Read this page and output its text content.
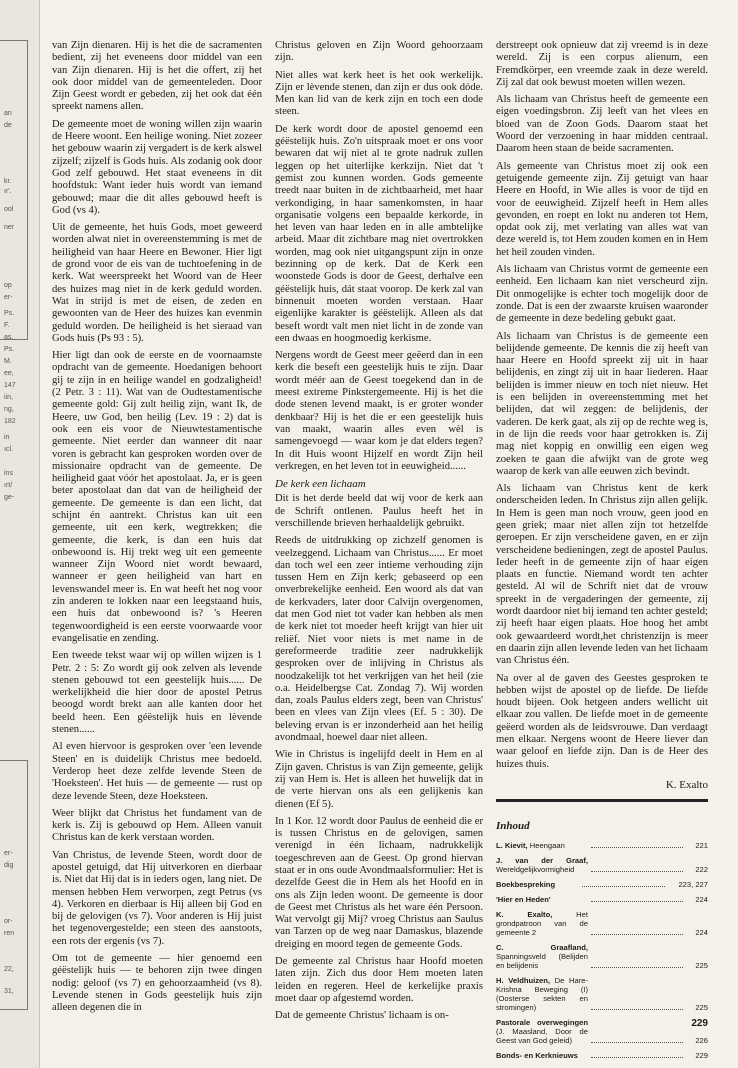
an
de
kr.
ır'.
ool
ner
op
er-
Ps.
F.
as,
Ps.
M.
ee,
147
iin,
ng,
182
in
ıcl.
ins
ırt/
ge-
er-
dig
or-
ren
22,
31,

van Zijn dienaren. Hij is het die de sacramenten bedient, zij het eveneens door middel van een van Zijn dienaren. Hij is het die offert, zij het ook door middel van de gemeenteleden. Door Zijn Geest wordt er gebeden, zij het ook dat één spreekt namens allen.

De gemeente moet de woning willen zijn waarin de Heere woont. Een heilige woning. Niet zozeer het gebouw waarin zij vergadert is de kerk alswel zijzelf; zijzelf is Gods huis. Als zodanig ook door God zelf gebouwd. Het staat eveneens in dit hoofdstuk: Want ieder huis wordt van iemand gebouwd; maar die dit alles gebouwd heeft is God (vs 4).

Uit de gemeente, het huis Gods, moet geweerd worden alwat niet in overeenstemming is met de heiligheid van haar Heere en Bewoner. Hier ligt de grond voor de eis van de tuchtoefening in de kerk. Wat weerspreekt het Woord van de Heer des huizes mag niet in de kerk geduld worden. Wat in strijd is met de eisen, de zeden en gewoonten van de Heer des huizes kan evenmin geduld worden. De heiligheid is het sieraad van Gods huis (Ps 93 : 5).

Hier ligt dan ook de eerste en de voornaamste opdracht van de gemeente. Hoedanigen behoort gij te zijn in en heilige wandel en godzaligheid! (2 Petr. 3 : 11). Wat van de Oudtestamentische gemeente gold: Gij zult heilig zijn, want Ik, de Heere, uw God, ben heilig (Lev. 19 : 2) dat is ook een eis voor de Nieuwtestamentische gemeente. Niet eerder dan wanneer dit naar voren is gebracht kan gesproken worden over de missionaire opdracht van de gemeente. De heiligheid gaat vóór het apostolaat. Ja, er is geen beter apostolaat dan dat van de heiligheid der gemeente. De gemeente is dan een licht, dat schijnt én aantrekt. Christus kan uit een gemeente, uit een kerk, wegtrekken; die gemeente, die kerk, is dan een huis dat onbewoond is. Hij trekt weg uit een gemeente wanneer Zijn Woord niet wordt bewaard, wanneer er geen heiligheid van hart en levenswandel meer is. En wat heeft het nog voor zin anderen te lokken naar een leegstaand huis, een huis dat onbewoond is? 's Heeren tegenwoordigheid is een eerste voorwaarde voor evangelisatie en zending.

Een tweede tekst waar wij op willen wijzen is 1 Petr. 2 : 5: Zo wordt gij ook zelven als levende stenen gebouwd tot een geestelijk huis...... De werkelijkheid die hier door de apostel Petrus beoogd wordt brekt aan alle kanten door het beeld heen. Een géëstelijk huis en lèvende stenen......

Al even hiervoor is gesproken over 'een levende Steen' en is duidelijk Christus mee bedoeld. Verderop heet deze zelfde levende Steen de 'Hoeksteen'. Het huis — de gemeente — rust op deze levende Steen, deze Hoeksteen.

Weer blijkt dat Christus het fundament van de kerk is. Zij is gebouwd op Hem. Alleen vanuit Christus kan de kerk verstaan worden.

Van Christus, de levende Steen, wordt door de apostel getuigd, dat Hij uitverkoren en dierbaar is. Niet dat Hij dat is in ieders ogen, lang niet. De mensen hebben Hem verworpen, zegt Petrus (vs 4). Verkoren en dierbaar is Hij alleen bij God en bij de gelovigen (vs 7). Voor anderen is Hij juist het tegenovergestelde; een steen des aanstoots, een rots der ergenis (vs 7).

Om tot de gemeente — hier genoemd een géëstelijk huis — te behoren zijn twee dingen nodig: geloof (vs 7) en gehoorzaamheid (vs 8). Levende stenen in Gods geestelijk huis zijn alleen degenen die in

Christus geloven en Zijn Woord gehoorzaam zijn.

Niet alles wat kerk heet is het ook werkelijk. Zijn er lèvende stenen, dan zijn er dus ook dóde. Men kan lid van de kerk zijn en toch een dode steen.

De kerk wordt door de apostel genoemd een géëstelijk huis. Zo'n uitspraak moet er ons voor bewaren dat wij niet al te grote nadruk zullen leggen op het uiterlijke kerkzijn. Niet dat 't gemist zou kunnen worden. Gods gemeente treedt naar buiten in de zichtbaarheid, met haar verkondiging, in haar samenkomsten, in haar organisatie volgens een bepaalde kerkorde, in het leven van haar leden en in alle ambtelijke arbeid. Maar dit zichtbare mag niet overtrokken worden, mag ook niet uitgangspunt zijn in onze bezinning op de kerk. Dat de Kerk een woonstede Gods is door de Geest, derhalve een géëstelijk huis, dát staat voorop. De kerk zal van binnenuit moeten worden verstaan. Haar eigenlijke karakter is géëstelijk. Alleen als dat beseft wordt valt men niet licht in de zonde van een dwaas en hoogmoedig kerkisme.

Nergens wordt de Geest meer geëerd dan in een kerk die beseft een geestelijk huis te zijn. Daar wordt méér aan de Geest toegekend dan in de meest extreme Pinkstergemeente. Hij is het die dode stenen levend maakt, is er groter wonder denkbaar? Hij is het die er een geestelijk huis van maakt, waarin alles even wèl is samengevoegd — waar kom je dat elders tegen? In dit Huis woont Hijzelf en wordt Zijn heil verkregen, en het leven tot in eeuwigheid......

De kerk een lichaam

Dit is het derde beeld dat wij voor de kerk aan de Schrift ontlenen. Paulus heeft het in verschillende brieven herhaaldelijk gebruikt.

Reeds de uitdrukking op zichzelf genomen is veelzeggend. Lichaam van Christus...... Er moet dan toch wel een zeer intieme verhouding zijn tussen Hem en Zijn kerk; gebaseerd op een onverbrekelijke eenheid. Een woord als dat van de kerkvaders, later door Calvijn overgenomen, dat men God niet tot vader kan hebben als men de kerk niet tot moeder heeft krijgt van hier uit reliëf. Niet voor niets is met name in de gereformeerde traditie zeer nadrukkelijk gesproken over de inlijving in Christus als noodzakelijk tot het verkrijgen van het heil (zie o.a. Heidelbergse Cat. Zondag 7). Wij worden dan, zoals Paulus elders zegt, been van Christus' been en vlees van Zijn vlees (Ef. 5 : 30). De beleving ervan is er inzonderheid aan het heilig avondmaal, hoewel daar niet alleen.

Wie in Christus is ingelijfd deelt in Hem en al Zijn gaven. Christus is van Zijn gemeente, gelijk zij van Hem is. Het is alleen het huwelijk dat in de verte hiervan ons als een gelijkenis kan dienen (Ef 5).

In 1 Kor. 12 wordt door Paulus de eenheid die er is tussen Christus en de gelovigen, samen verenigd in één lichaam, nadrukkelijk toegeschreven aan de Geest. Op grond hiervan staat er in ons oude Avondmaalsformulier: Het is dezelfde Geest die in Hem als het Hoofd en in ons als Zijn leden woont. De gemeente is door de Geest met Christus als het ware één Persoon. Wat vervolgt gij Mij? vroeg Christus aan Saulus van Tarzen op de weg naar Damaskus, blazende dreiging en moord tegen de gemeente Gods.

De gemeente zal Christus haar Hoofd moeten laten zijn. Zich dus door Hem moeten laten leiden en regeren. Heel de kerkelijke praxis moet daar op afgestemd worden.

Dat de gemeente Christus' lichaam is on-

derstreept ook opnieuw dat zij vreemd is in deze wereld. Zij is een corpus alienum, een Fremdkörper, een vreemde zaak in deze wereld. Zij zal dat ook bewust moeten willen wezen.

Als lichaam van Christus heeft de gemeente een eigen voedingsbron. Zij leeft van het vlees en bloed van de Zoon Gods. Daarom staat het Woord der verzoening in haar midden centraal. Daarom heen staan de beide sacramenten.

Als gemeente van Christus moet zij ook een getuigende gemeente zijn. Zij getuigt van haar Heere en Hoofd, in Wie alles is voor de tijd en voor de eeuwigheid. Zijzelf heeft in Hem alles gevonden, en roept en lokt nu anderen tot Hem, opdat ook zij, met verlating van alles wat van deze wereld is, tot Hem zouden komen en in Hem het heil zouden vinden.

Als lichaam van Christus vormt de gemeente een eenheid. Een lichaam kan niet verscheurd zijn. Dit onmogelijke is echter toch mogelijk door de zonde. Dat is een der zwaarste kruisen waaronder de gemeente in deze bedeling gebukt gaat.

Als lichaam van Christus is de gemeente een belijdende gemeente. De kennis die zij heeft van haar Heere en Hoofd spreekt zij uit in haar belijdenis, en zingt zij uit in haar liederen. Haar belijden is immer nieuw en toch niet nieuw. Het is een belijden in overeenstemming met het belijden, dat wil zeggen: de belijdenis, der vaderen. De kerk gaat, als zij op de rechte weg is, in de lijn die reeds voor haar getrokken is. Zij mag niet koppig en onwillig een eigen weg zoeken te gaan die afwijkt van de grote weg waarop de kerk van alle eeuwen zich bevindt.

Als lichaam van Christus kent de kerk onderscheiden leden. In Christus zijn allen gelijk. In Hem is geen man noch vrouw, geen jood en geen griek; maar niet allen zijn tot hetzelfde geroepen. Er zijn verscheidene gaven, en er zijn verscheidene bedieningen, zegt de apostel Paulus. Ieder heeft in de gemeente zijn of haar eigen plaats en functie. Niemand wordt ten achter gesteld. Al wil de Schrift niet dat de vrouw spreekt in de vergaderingen der gemeente, zij wordt daardoor niet bij iemand ten achter gesteld; zij heeft haar eigen plaats. Hoe hoog het ambt ook gewaardeerd wordt,het christenzijn is meer en daarin zijn allen levende leden van het lichaam van Christus één.

Na over al de gaven des Geestes gesproken te hebben wijst de apostel op de liefde. De liefde houdt bijeen. Ook hetgeen anders wellicht uit elkaar zou vallen. De liefde moet in de gemeente geëerd worden als de leidsvrouwe. Dan verdaagt men elkaar. Nergens woont de Heere liever dan waar geloof en liefde zijn. Dan is de Heer des huizes thuis.

K. Exalto
Inhoud
L. Kievit, Heengaan	221
J. van der Graaf, Wereldgelijkvormigheid	222
Boekbespreking	223, 227
'Hier en Heden'	224
K. Exalto, Het grondpatroon van de gemeente 2	224
C. Graafland, Spanningsveld (Belijden en belijdenis	225
H. Veldhuizen, De Hare-Krishna Beweging (I) (Oosterse sekten en stromingen)	225
Pastorale overwegingen (J. Maasland, Door de Geest van God geleid)	226
Bonds- en Kerknieuws	229
229
